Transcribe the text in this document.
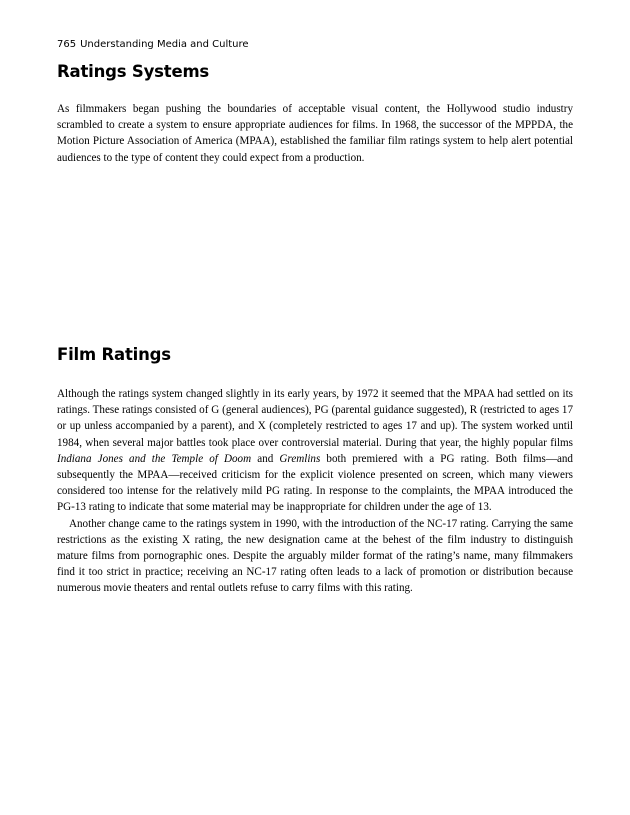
765 Understanding Media and Culture
Ratings Systems

As filmmakers began pushing the boundaries of acceptable visual content, the Hollywood studio industry scrambled to create a system to ensure appropriate audiences for films. In 1968, the successor of the MPPDA, the Motion Picture Association of America (MPAA), established the familiar film ratings system to help alert potential audiences to the type of content they could expect from a production.

Film Ratings

Although the ratings system changed slightly in its early years, by 1972 it seemed that the MPAA had settled on its ratings. These ratings consisted of G (general audiences), PG (parental guidance suggested), R (restricted to ages 17 or up unless accompanied by a parent), and X (completely restricted to ages 17 and up). The system worked until 1984, when several major battles took place over controversial material. During that year, the highly popular films Indiana Jones and the Temple of Doom and Gremlins both premiered with a PG rating. Both films—and subsequently the MPAA—received criticism for the explicit violence presented on screen, which many viewers considered too intense for the relatively mild PG rating. In response to the complaints, the MPAA introduced the PG-13 rating to indicate that some material may be inappropriate for children under the age of 13.

Another change came to the ratings system in 1990, with the introduction of the NC-17 rating. Carrying the same restrictions as the existing X rating, the new designation came at the behest of the film industry to distinguish mature films from pornographic ones. Despite the arguably milder format of the rating’s name, many filmmakers find it too strict in practice; receiving an NC-17 rating often leads to a lack of promotion or distribution because numerous movie theaters and rental outlets refuse to carry films with this rating.
